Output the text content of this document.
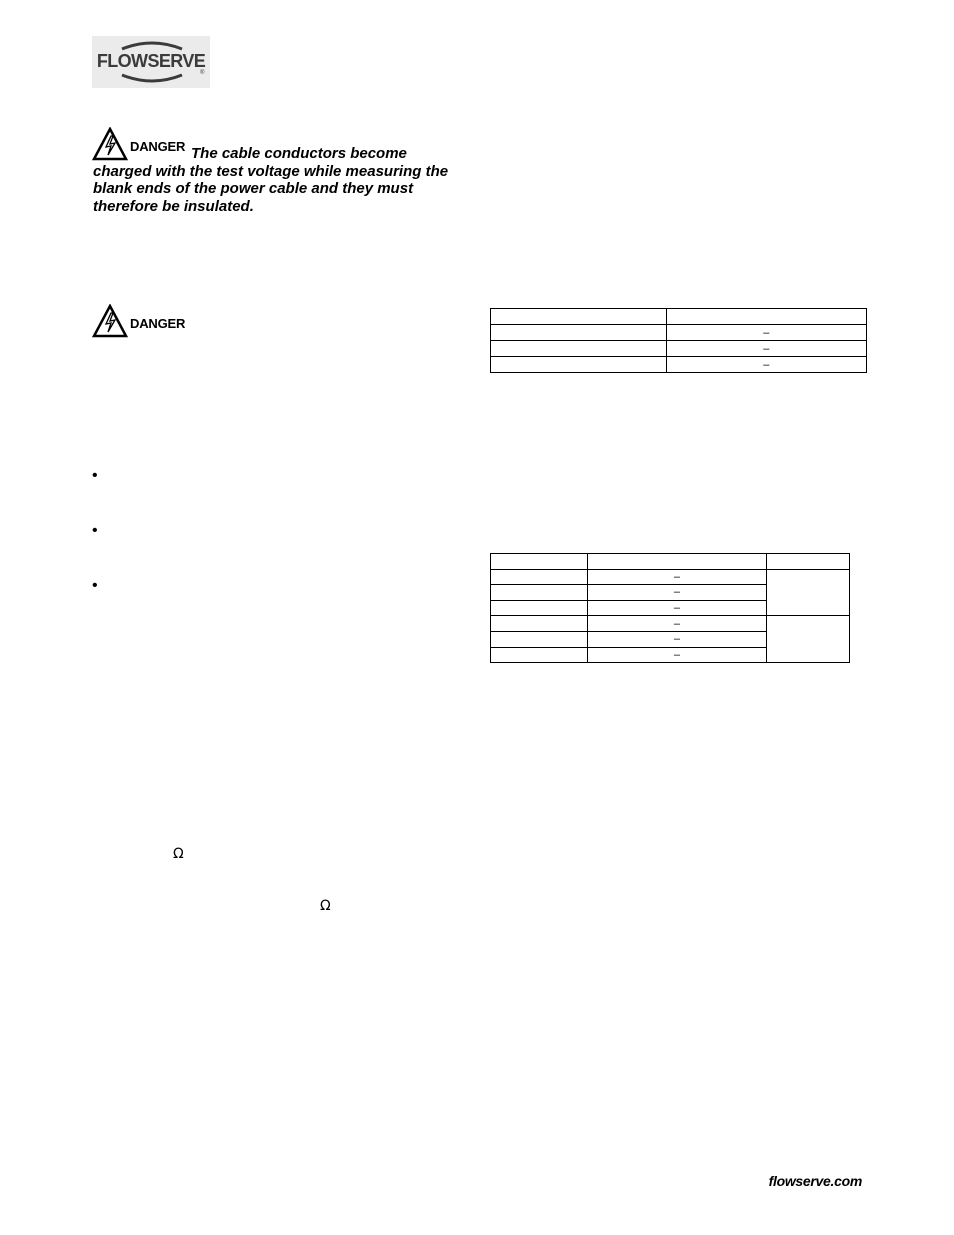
FLOWSERVE
®
DANGER The cable conductors become
charged with the test voltage while measuring the blank ends of the power cable and they must therefore be insulated.
DANGER
•
•
•
Ω
Ω

	–
	–
	–

	–	
	–	
	–	
	–	
	–	
	–	
flowserve.com
